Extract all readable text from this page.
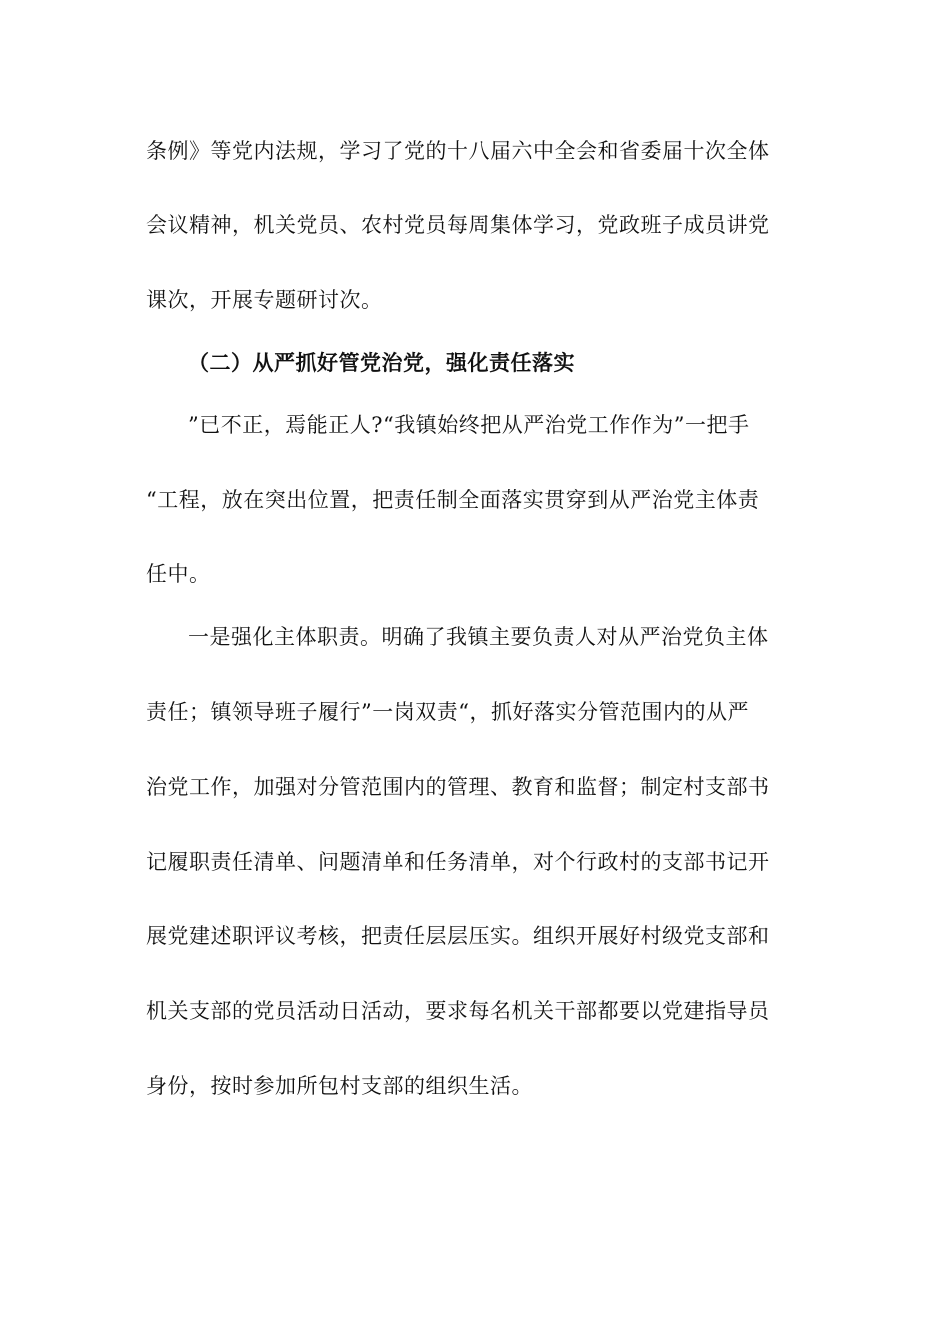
条例》等党内法规，学习了党的十八届六中全会和省委届十次全体
会议精神，机关党员、农村党员每周集体学习，党政班子成员讲党
课次，开展专题研讨次。
（二）从严抓好管党治党，强化责任落实
”已不正，焉能正人?“我镇始终把从严治党工作作为”一把手
“工程，放在突出位置，把责任制全面落实贯穿到从严治党主体责
任中。
一是强化主体职责。明确了我镇主要负责人对从严治党负主体
责任；镇领导班子履行”一岗双责“，抓好落实分管范围内的从严
治党工作，加强对分管范围内的管理、教育和监督；制定村支部书
记履职责任清单、问题清单和任务清单，对个行政村的支部书记开
展党建述职评议考核，把责任层层压实。组织开展好村级党支部和
机关支部的党员活动日活动，要求每名机关干部都要以党建指导员
身份，按时参加所包村支部的组织生活。
